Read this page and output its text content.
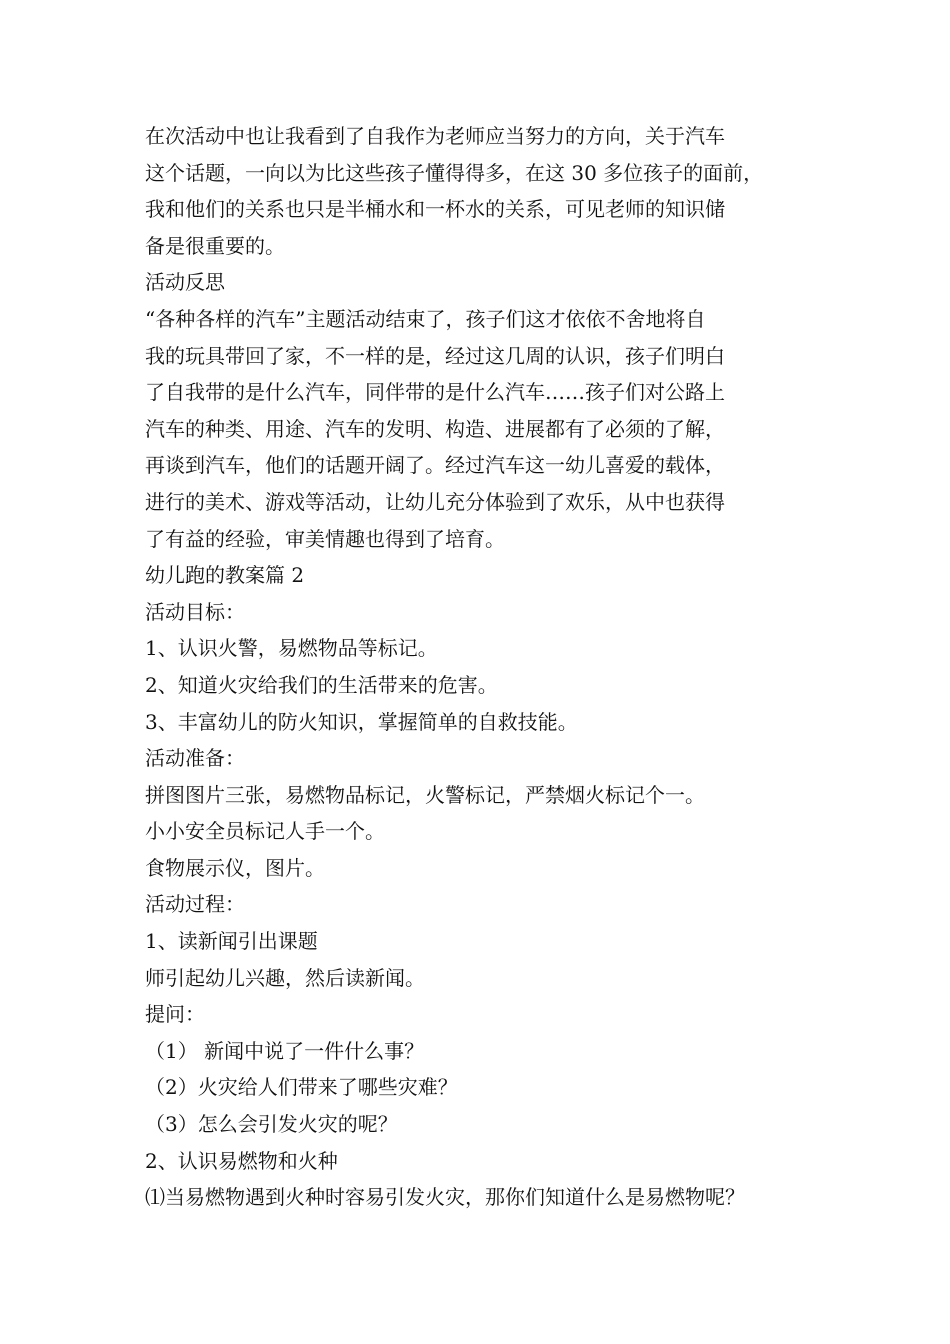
在次活动中也让我看到了自我作为老师应当努力的方向，关于汽车
这个话题，一向以为比这些孩子懂得得多，在这 30 多位孩子的面前，
我和他们的关系也只是半桶水和一杯水的关系，可见老师的知识储
备是很重要的。
活动反思
“各种各样的汽车”主题活动结束了，孩子们这才依依不舍地将自
我的玩具带回了家，不一样的是，经过这几周的认识，孩子们明白
了自我带的是什么汽车，同伴带的是什么汽车……孩子们对公路上
汽车的种类、用途、汽车的发明、构造、进展都有了必须的了解，
再谈到汽车，他们的话题开阔了。经过汽车这一幼儿喜爱的载体，
进行的美术、游戏等活动，让幼儿充分体验到了欢乐，从中也获得
了有益的经验，审美情趣也得到了培育。
幼儿跑的教案篇 2
活动目标：
1、认识火警，易燃物品等标记。
2、知道火灾给我们的生活带来的危害。
3、丰富幼儿的防火知识，掌握简单的自救技能。
活动准备：
拼图图片三张，易燃物品标记，火警标记，严禁烟火标记个一。
小小安全员标记人手一个。
食物展示仪，图片。
活动过程：
1、读新闻引出课题
师引起幼儿兴趣，然后读新闻。
提问：
（1） 新闻中说了一件什么事？
（2）火灾给人们带来了哪些灾难？
（3）怎么会引发火灾的呢？
2、认识易燃物和火种
⑴当易燃物遇到火种时容易引发火灾，那你们知道什么是易燃物呢？
